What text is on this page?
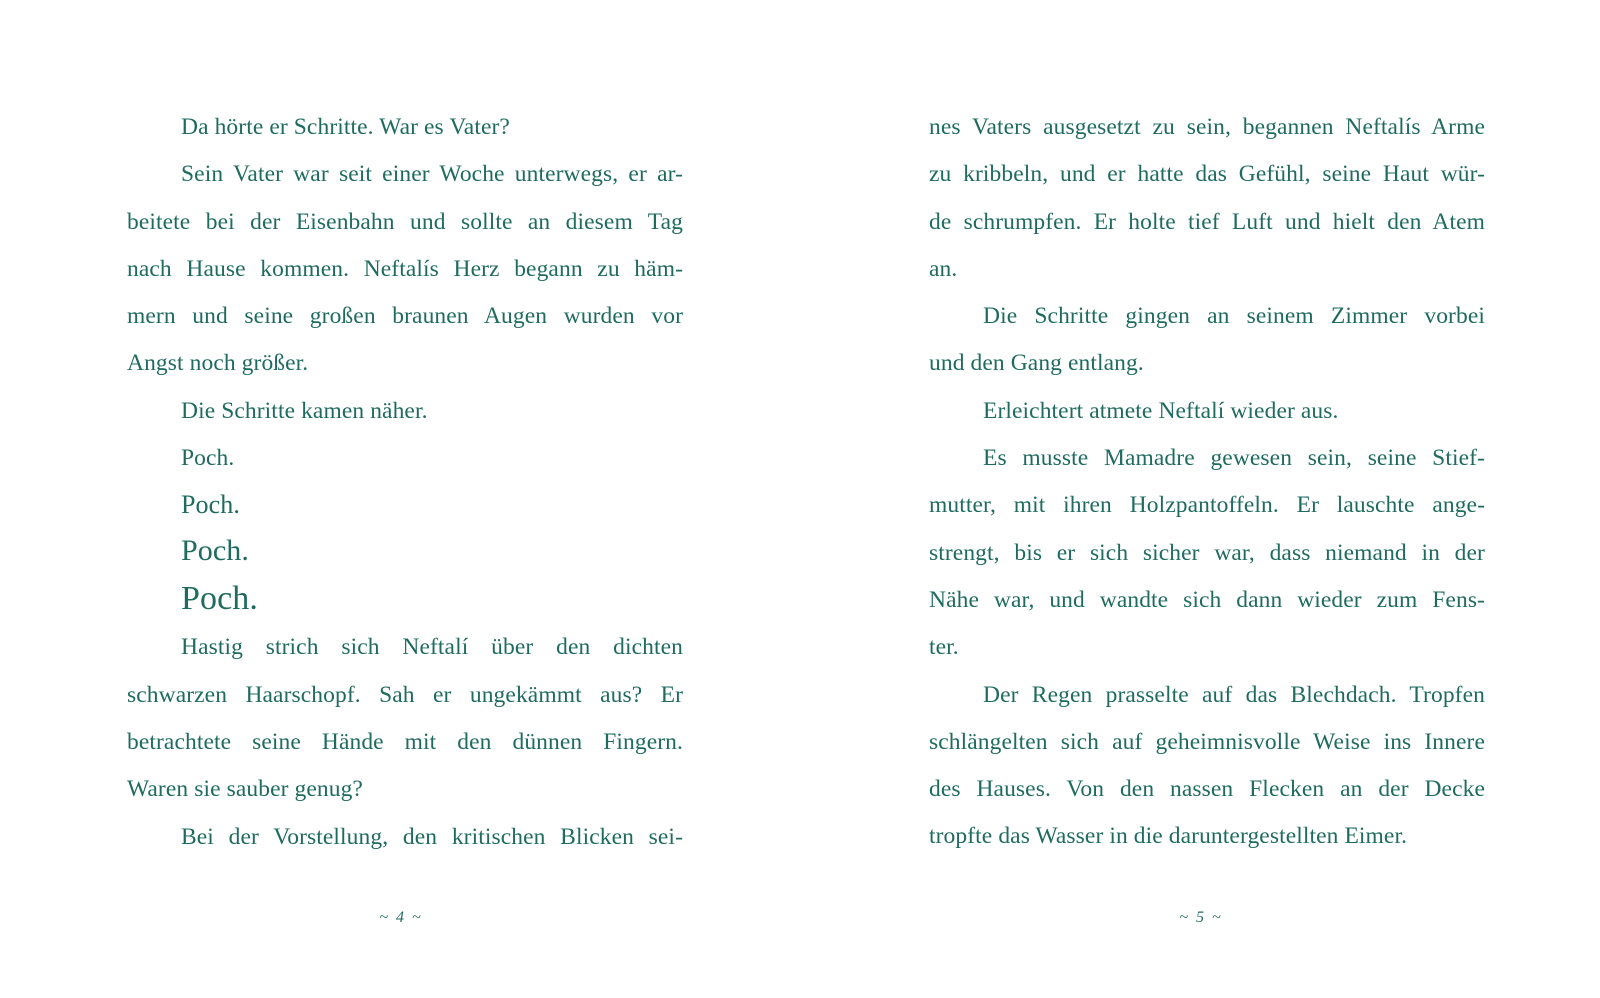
Da hörte er Schritte. War es Vater?
Sein Vater war seit einer Woche unterwegs, er ar-
beitete bei der Eisenbahn und sollte an diesem Tag
nach Hause kommen. Neftalís Herz begann zu häm-
mern und seine großen braunen Augen wurden vor
Angst noch größer.
Die Schritte kamen näher.
Poch.
Poch.
Poch.
Poch.
Hastig strich sich Neftalí über den dichten
schwarzen Haarschopf. Sah er ungekämmt aus? Er
betrachtete seine Hände mit den dünnen Fingern.
Waren sie sauber genug?
Bei der Vorstellung, den kritischen Blicken sei-
nes Vaters ausgesetzt zu sein, begannen Neftalís Arme
zu kribbeln, und er hatte das Gefühl, seine Haut wür-
de schrumpfen. Er holte tief Luft und hielt den Atem
an.
Die Schritte gingen an seinem Zimmer vorbei
und den Gang entlang.
Erleichtert atmete Neftalí wieder aus.
Es musste Mamadre gewesen sein, seine Stief-
mutter, mit ihren Holzpantoffeln. Er lauschte ange-
strengt, bis er sich sicher war, dass niemand in der
Nähe war, und wandte sich dann wieder zum Fens-
ter.
Der Regen prasselte auf das Blechdach. Tropfen
schlängelten sich auf geheimnisvolle Weise ins Innere
des Hauses. Von den nassen Flecken an der Decke
tropfte das Wasser in die daruntergestellten Eimer.
~ 4 ~	~ 5 ~
